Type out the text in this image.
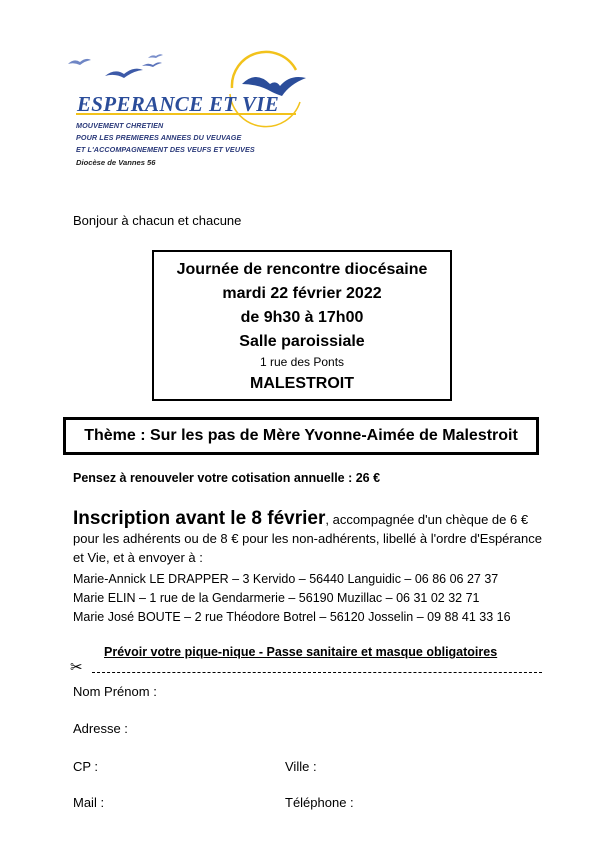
ESPERANCE ET VIE
MOUVEMENT CHRETIEN
POUR LES PREMIERES ANNEES DU VEUVAGE
ET L'ACCOMPAGNEMENT DES VEUFS ET VEUVES
Diocèse de Vannes 56
Bonjour à chacun et chacune
Journée de rencontre diocésaine
mardi 22 février 2022
de 9h30 à 17h00
Salle paroissiale
1 rue des Ponts
MALESTROIT
Thème : Sur les pas de Mère Yvonne-Aimée de Malestroit
Pensez à renouveler votre cotisation annuelle : 26 €
Inscription avant le 8 février, accompagnée d'un chèque de 6 € pour les adhérents ou de 8 € pour les non-adhérents, libellé à l'ordre d'Espérance et Vie, et à envoyer à :
Marie-Annick LE DRAPPER – 3 Kervido – 56440 Languidic – 06 86 06 27 37
Marie ELIN – 1 rue de la Gendarmerie – 56190 Muzillac – 06 31 02 32 71
Marie José BOUTE – 2 rue Théodore Botrel – 56120 Josselin – 09 88 41 33 16
Prévoir votre pique-nique - Passe sanitaire et masque obligatoires
✂
Nom Prénom :
Adresse :
CP :	Ville :
Mail :	Téléphone :
